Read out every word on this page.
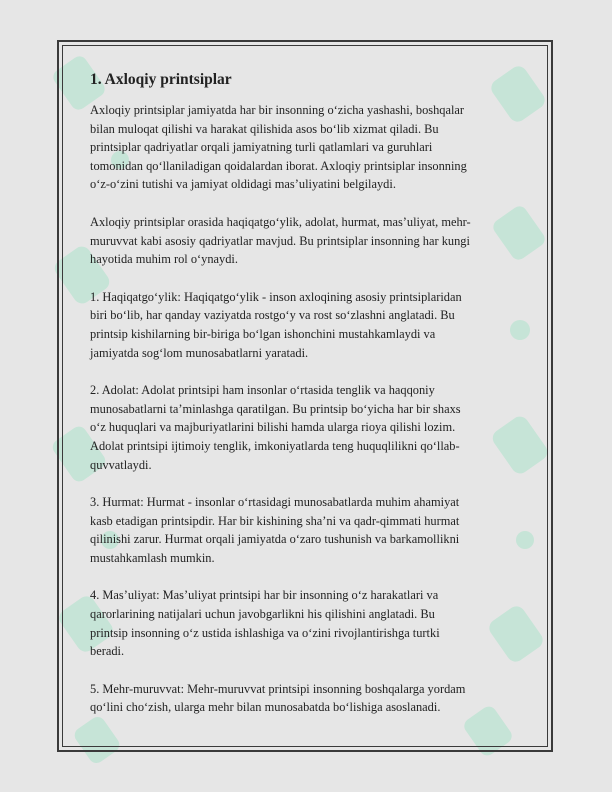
1. Axloqiy printsiplar

Axloqiy printsiplar jamiyatda har bir insonning o‘zicha yashashi, boshqalar
bilan muloqat qilishi va harakat qilishida asos bo‘lib xizmat qiladi. Bu
printsiplar qadriyatlar orqali jamiyatning turli qatlamlari va guruhlari
tomonidan qo‘llaniladigan qoidalardan iborat. Axloqiy printsiplar insonning
o‘z-o‘zini tutishi va jamiyat oldidagi mas’uliyatini belgilaydi.

Axloqiy printsiplar orasida haqiqatgo‘ylik, adolat, hurmat, mas’uliyat, mehr-
muruvvat kabi asosiy qadriyatlar mavjud. Bu printsiplar insonning har kungi
hayotida muhim rol o‘ynaydi.

1. Haqiqatgo‘ylik: Haqiqatgo‘ylik - inson axloqining asosiy printsiplaridan
biri bo‘lib, har qanday vaziyatda rostgo‘y va rost so‘zlashni anglatadi. Bu
printsip kishilarning bir-biriga bo‘lgan ishonchini mustahkamlaydi va
jamiyatda sog‘lom munosabatlarni yaratadi.

2. Adolat: Adolat printsipi ham insonlar o‘rtasida tenglik va haqqoniy
munosabatlarni ta’minlashga qaratilgan. Bu printsip bo‘yicha har bir shaxs
o‘z huquqlari va majburiyatlarini bilishi hamda ularga rioya qilishi lozim.
Adolat printsipi ijtimoiy tenglik, imkoniyatlarda teng huquqlilikni qo‘llab-
quvvatlaydi.

3. Hurmat: Hurmat - insonlar o‘rtasidagi munosabatlarda muhim ahamiyat
kasb etadigan printsipdir. Har bir kishining sha’ni va qadr-qimmati hurmat
qilinishi zarur. Hurmat orqali jamiyatda o‘zaro tushunish va barkamollikni
mustahkamlash mumkin.

4. Mas’uliyat: Mas’uliyat printsipi har bir insonning o‘z harakatlari va
qarorlarining natijalari uchun javobgarlikni his qilishini anglatadi. Bu
printsip insonning o‘z ustida ishlashiga va o‘zini rivojlantirishga turtki
beradi.

5. Mehr-muruvvat: Mehr-muruvvat printsipi insonning boshqalarga yordam
qo‘lini cho‘zish, ularga mehr bilan munosabatda bo‘lishiga asoslanadi.
